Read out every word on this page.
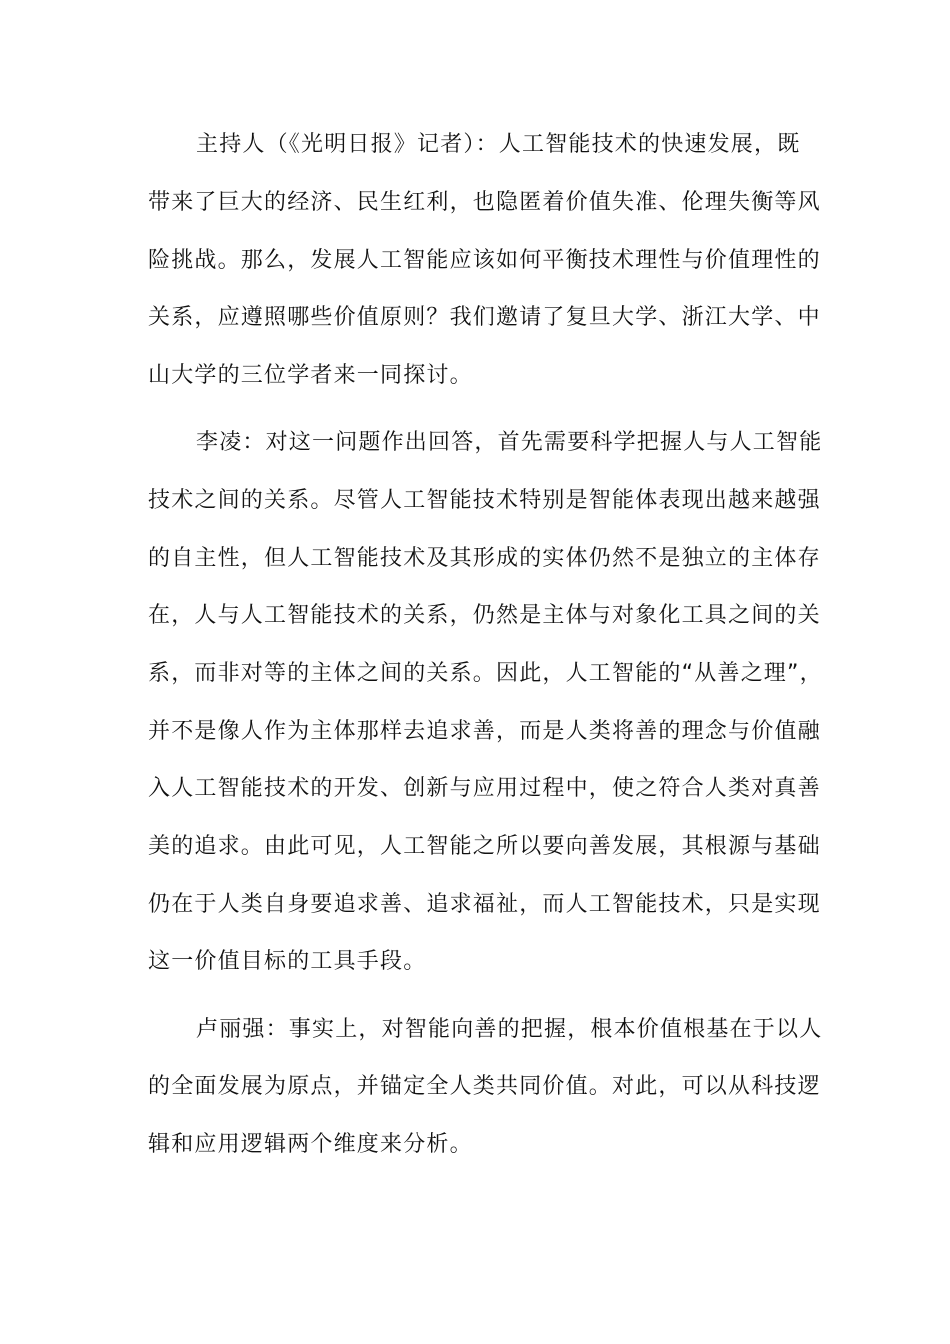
主持人（《光明日报》记者）：人工智能技术的快速发展，既
带来了巨大的经济、民生红利，也隐匿着价值失准、伦理失衡等风
险挑战。那么，发展人工智能应该如何平衡技术理性与价值理性的
关系，应遵照哪些价值原则？我们邀请了复旦大学、浙江大学、中
山大学的三位学者来一同探讨。
李凌：对这一问题作出回答，首先需要科学把握人与人工智能
技术之间的关系。尽管人工智能技术特别是智能体表现出越来越强
的自主性，但人工智能技术及其形成的实体仍然不是独立的主体存
在，人与人工智能技术的关系，仍然是主体与对象化工具之间的关
系，而非对等的主体之间的关系。因此，人工智能的“从善之理”，
并不是像人作为主体那样去追求善，而是人类将善的理念与价值融
入人工智能技术的开发、创新与应用过程中，使之符合人类对真善
美的追求。由此可见，人工智能之所以要向善发展，其根源与基础
仍在于人类自身要追求善、追求福祉，而人工智能技术，只是实现
这一价值目标的工具手段。
卢丽强：事实上，对智能向善的把握，根本价值根基在于以人
的全面发展为原点，并锚定全人类共同价值。对此，可以从科技逻
辑和应用逻辑两个维度来分析。
